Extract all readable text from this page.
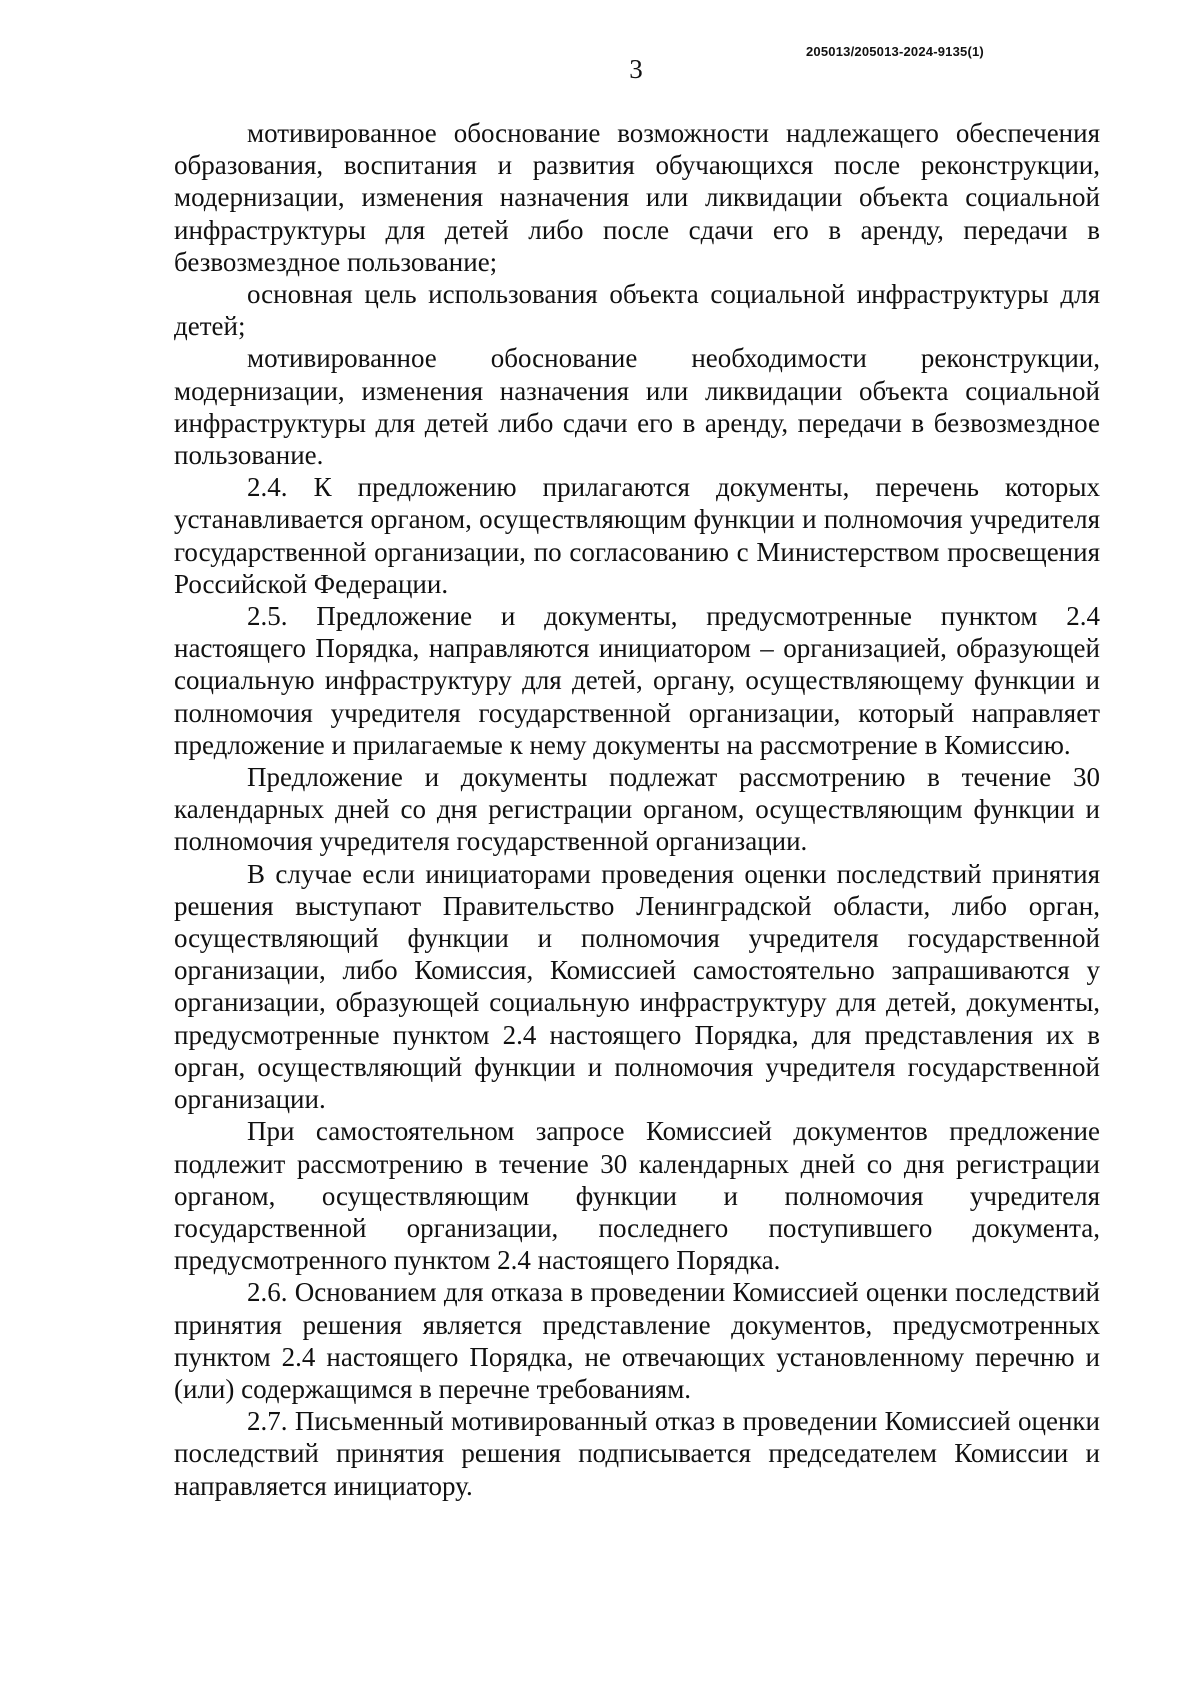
3
205013/205013-2024-9135(1)

мотивированное обоснование возможности надлежащего обеспечения образования, воспитания и развития обучающихся после реконструкции, модернизации, изменения назначения или ликвидации объекта социальной инфраструктуры для детей либо после сдачи его в аренду, передачи в безвозмездное пользование;

основная цель использования объекта социальной инфраструктуры для детей;

мотивированное обоснование необходимости реконструкции, модернизации, изменения назначения или ликвидации объекта социальной инфраструктуры для детей либо сдачи его в аренду, передачи в безвозмездное пользование.

2.4. К предложению прилагаются документы, перечень которых устанавливается органом, осуществляющим функции и полномочия учредителя государственной организации, по согласованию с Министерством просвещения Российской Федерации.

2.5. Предложение и документы, предусмотренные пунктом 2.4 настоящего Порядка, направляются инициатором – организацией, образующей социальную инфраструктуру для детей, органу, осуществляющему функции и полномочия учредителя государственной организации, который направляет предложение и прилагаемые к нему документы на рассмотрение в Комиссию.

Предложение и документы подлежат рассмотрению в течение 30 календарных дней со дня регистрации органом, осуществляющим функции и полномочия учредителя государственной организации.

В случае если инициаторами проведения оценки последствий принятия решения выступают Правительство Ленинградской области, либо орган, осуществляющий функции и полномочия учредителя государственной организации, либо Комиссия, Комиссией самостоятельно запрашиваются у организации, образующей социальную инфраструктуру для детей, документы, предусмотренные пунктом 2.4 настоящего Порядка, для представления их в орган, осуществляющий функции и полномочия учредителя государственной организации.

При самостоятельном запросе Комиссией документов предложение подлежит рассмотрению в течение 30 календарных дней со дня регистрации органом, осуществляющим функции и полномочия учредителя государственной организации, последнего поступившего документа, предусмотренного пунктом 2.4 настоящего Порядка.

2.6. Основанием для отказа в проведении Комиссией оценки последствий принятия решения является представление документов, предусмотренных пунктом 2.4 настоящего Порядка, не отвечающих установленному перечню и (или) содержащимся в перечне требованиям.

2.7. Письменный мотивированный отказ в проведении Комиссией оценки последствий принятия решения подписывается председателем Комиссии и направляется инициатору.
